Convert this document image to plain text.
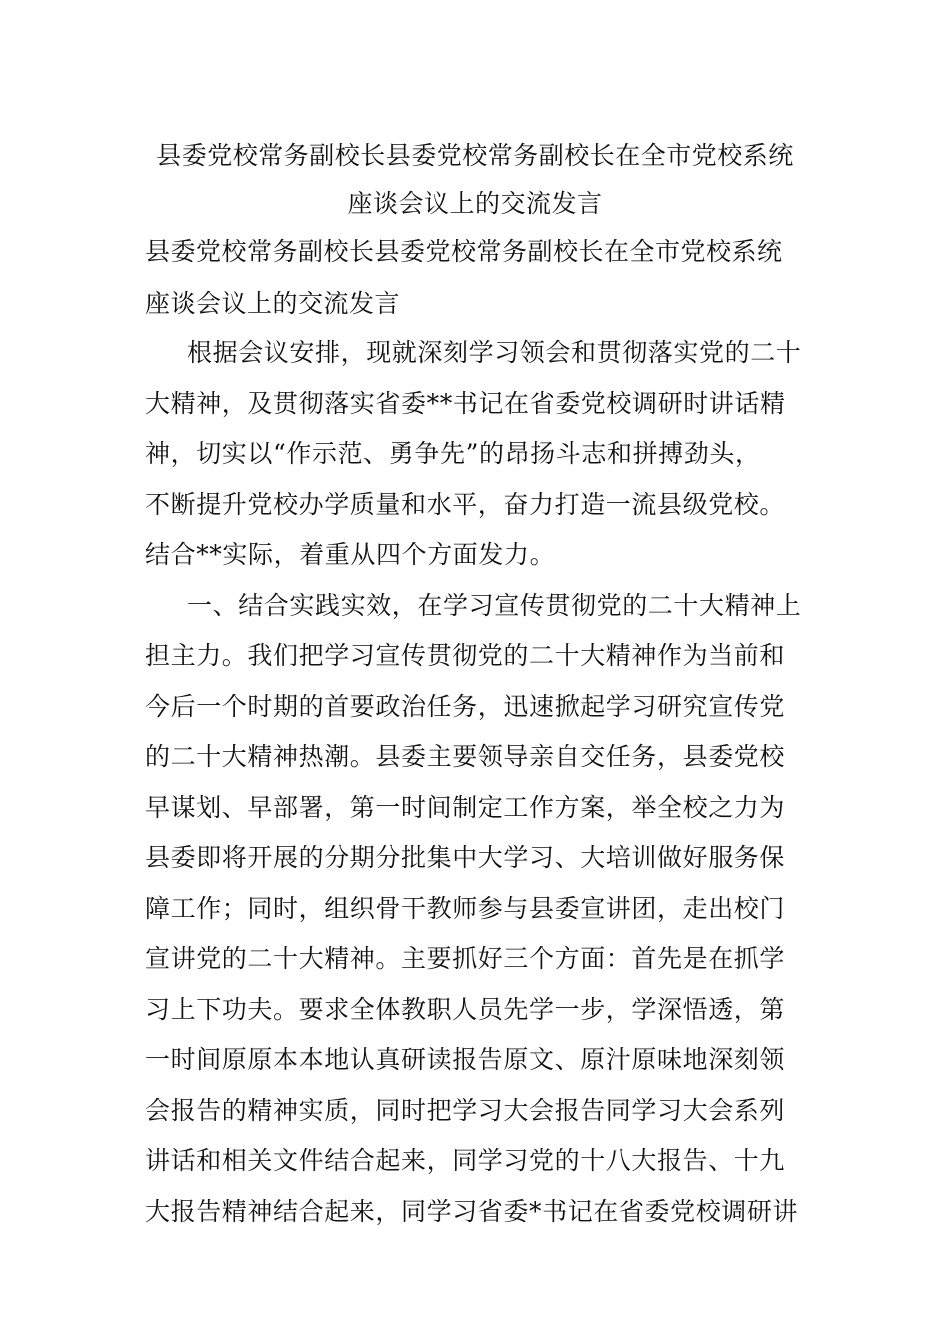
县委党校常务副校长县委党校常务副校长在全市党校系统
座谈会议上的交流发言
县委党校常务副校长县委党校常务副校长在全市党校系统
座谈会议上的交流发言

根据会议安排，现就深刻学习领会和贯彻落实党的二十
大精神，及贯彻落实省委**书记在省委党校调研时讲话精
神，切实以“作示范、勇争先”的昂扬斗志和拼搏劲头，
不断提升党校办学质量和水平，奋力打造一流县级党校。
结合**实际，着重从四个方面发力。

一、结合实践实效，在学习宣传贯彻党的二十大精神上
担主力。我们把学习宣传贯彻党的二十大精神作为当前和
今后一个时期的首要政治任务，迅速掀起学习研究宣传党
的二十大精神热潮。县委主要领导亲自交任务，县委党校
早谋划、早部署，第一时间制定工作方案，举全校之力为
县委即将开展的分期分批集中大学习、大培训做好服务保
障工作；同时，组织骨干教师参与县委宣讲团，走出校门
宣讲党的二十大精神。主要抓好三个方面：首先是在抓学
习上下功夫。要求全体教职人员先学一步，学深悟透，第
一时间原原本本地认真研读报告原文、原汁原味地深刻领
会报告的精神实质，同时把学习大会报告同学习大会系列
讲话和相关文件结合起来，同学习党的十八大报告、十九
大报告精神结合起来，同学习省委*书记在省委党校调研讲
